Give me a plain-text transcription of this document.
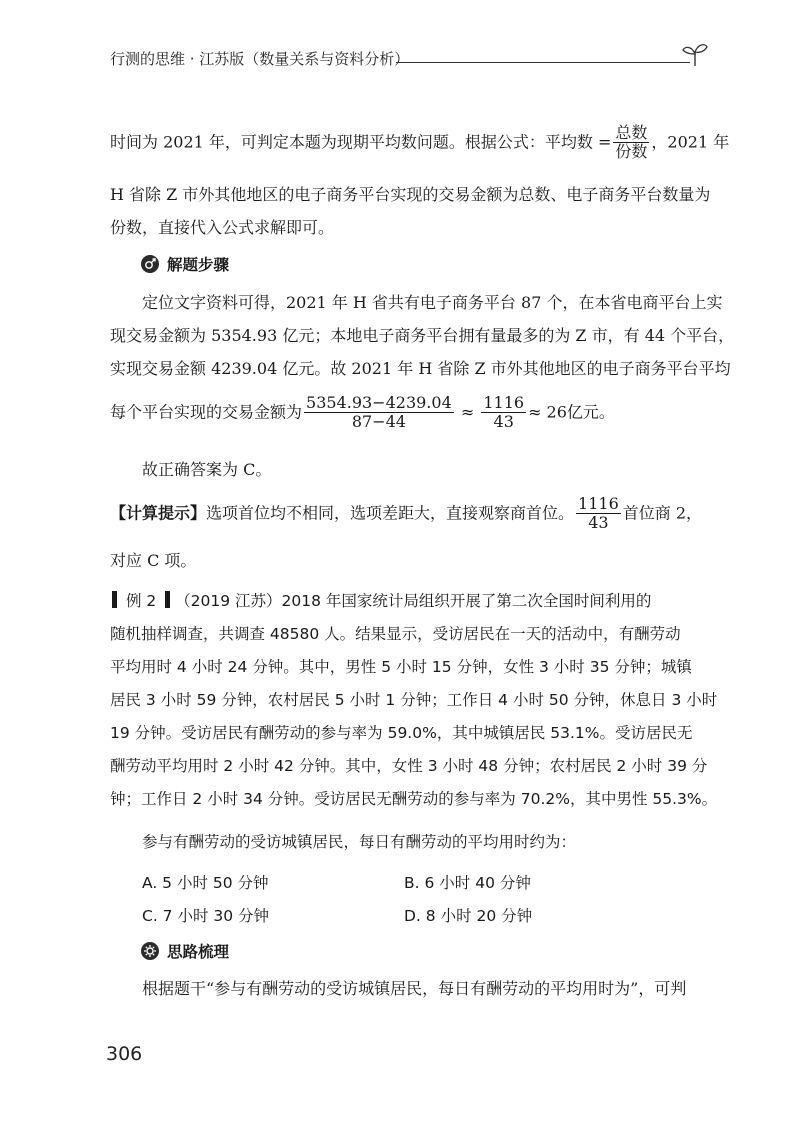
行测的思维 · 江苏版（数量关系与资料分析）
时间为 2021 年，可判定本题为现期平均数问题。根据公式：平均数 = $\frac{\text{总数}}{\text{份数}}$ ，2021 年
H 省除 Z 市外其他地区的电子商务平台实现的交易金额为总数、电子商务平台数量为
份数，直接代入公式求解即可。
解题步骤
定位文字资料可得，2021 年 H 省共有电子商务平台 87 个，在本省电商平台上实
现交易金额为 5354.93 亿元；本地电子商务平台拥有量最多的为 Z 市，有 44 个平台，
实现交易金额 4239.04 亿元。故 2021 年 H 省除 Z 市外其他地区的电子商务平台平均
每个平台实现的交易金额为 $\frac{5354.93-4239.04}{87-44} \approx \frac{1116}{43} \approx 26$亿元。
故正确答案为 C。
【计算提示】选项首位均不相同，选项差距大，直接观察商首位。 $\frac{1116}{43}$ 首位商 2，
对应 C 项。
例 2 （2019 江苏）2018 年国家统计局组织开展了第二次全国时间利用的
随机抽样调查，共调查 48580 人。结果显示，受访居民在一天的活动中，有酬劳动
平均用时 4 小时 24 分钟。其中，男性 5 小时 15 分钟，女性 3 小时 35 分钟；城镇
居民 3 小时 59 分钟，农村居民 5 小时 1 分钟；工作日 4 小时 50 分钟，休息日 3 小时
19 分钟。受访居民有酬劳动的参与率为 59.0%，其中城镇居民 53.1%。受访居民无
酬劳动平均用时 2 小时 42 分钟。其中，女性 3 小时 48 分钟；农村居民 2 小时 39 分
钟；工作日 2 小时 34 分钟。受访居民无酬劳动的参与率为 70.2%，其中男性 55.3%。
参与有酬劳动的受访城镇居民，每日有酬劳动的平均用时约为：
A. 5 小时 50 分钟	B. 6 小时 40 分钟
C. 7 小时 30 分钟	D. 8 小时 20 分钟
思路梳理
根据题干“参与有酬劳动的受访城镇居民，每日有酬劳动的平均用时为”，可判
306
